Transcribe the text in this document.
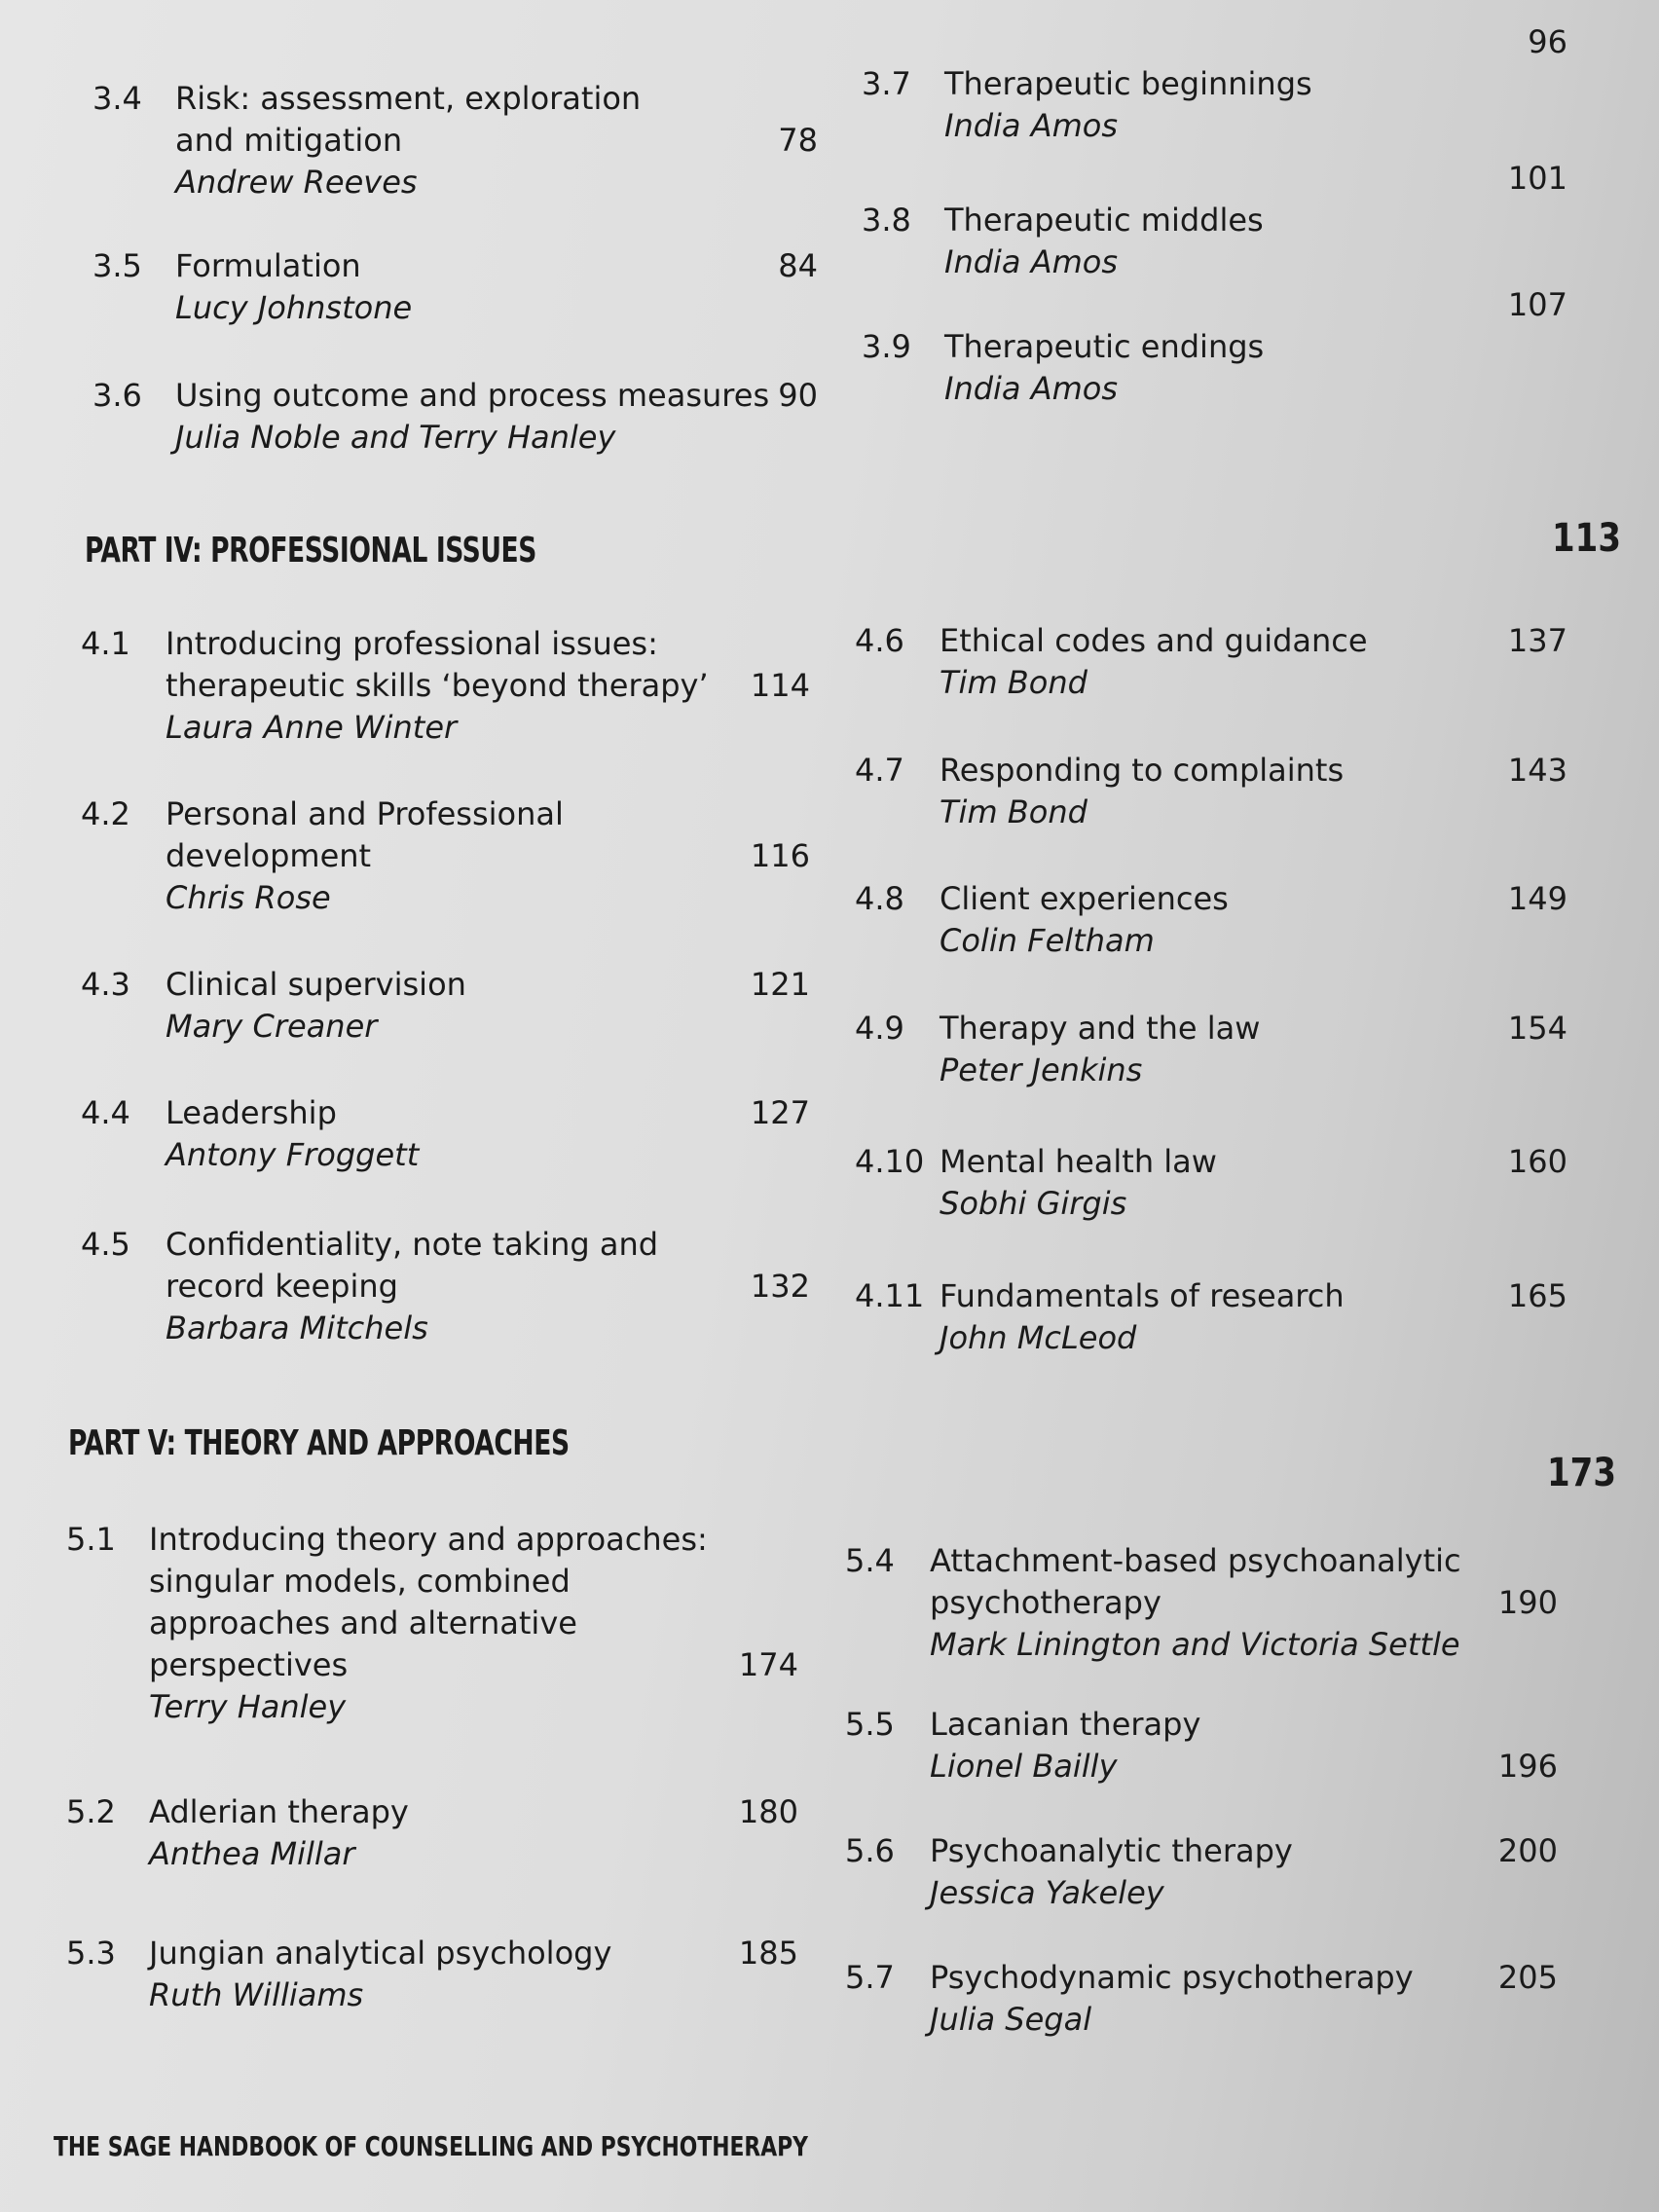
PART IV: PROFESSIONAL ISSUES	113
PART V: THEORY AND APPROACHES
173
THE SAGE HANDBOOK OF COUNSELLING AND PSYCHOTHERAPY
3.4 Risk: assessment, exploration
and mitigation
Andrew Reeves
78
3.5 Formulation
Lucy Johnstone
84
3.6 Using outcome and process measures
Julia Noble and Terry Hanley
90
3.7 Therapeutic beginnings
India Amos
96
3.8 Therapeutic middles
India Amos
101
3.9 Therapeutic endings
India Amos
107
4.1 Introducing professional issues:
therapeutic skills ‘beyond therapy’
Laura Anne Winter
114
4.2 Personal and Professional
development
Chris Rose
116
4.3 Clinical supervision
Mary Creaner
121
4.4 Leadership
Antony Froggett
127
4.5 Confidentiality, note taking and
record keeping
Barbara Mitchels
132
4.6 Ethical codes and guidance
Tim Bond
137
4.7 Responding to complaints
Tim Bond
143
4.8 Client experiences
Colin Feltham
149
4.9 Therapy and the law
Peter Jenkins
154
4.10 Mental health law
Sobhi Girgis
160
4.11 Fundamentals of research
John McLeod
165
5.1 Introducing theory and approaches:
singular models, combined
approaches and alternative
perspectives
Terry Hanley
174
5.2 Adlerian therapy
Anthea Millar
180
5.3 Jungian analytical psychology
Ruth Williams
185
5.4 Attachment-based psychoanalytic
psychotherapy
Mark Linington and Victoria Settle
190
5.5 Lacanian therapy
Lionel Bailly	196
5.6 Psychoanalytic therapy
Jessica Yakeley
200
5.7 Psychodynamic psychotherapy
Julia Segal
205
